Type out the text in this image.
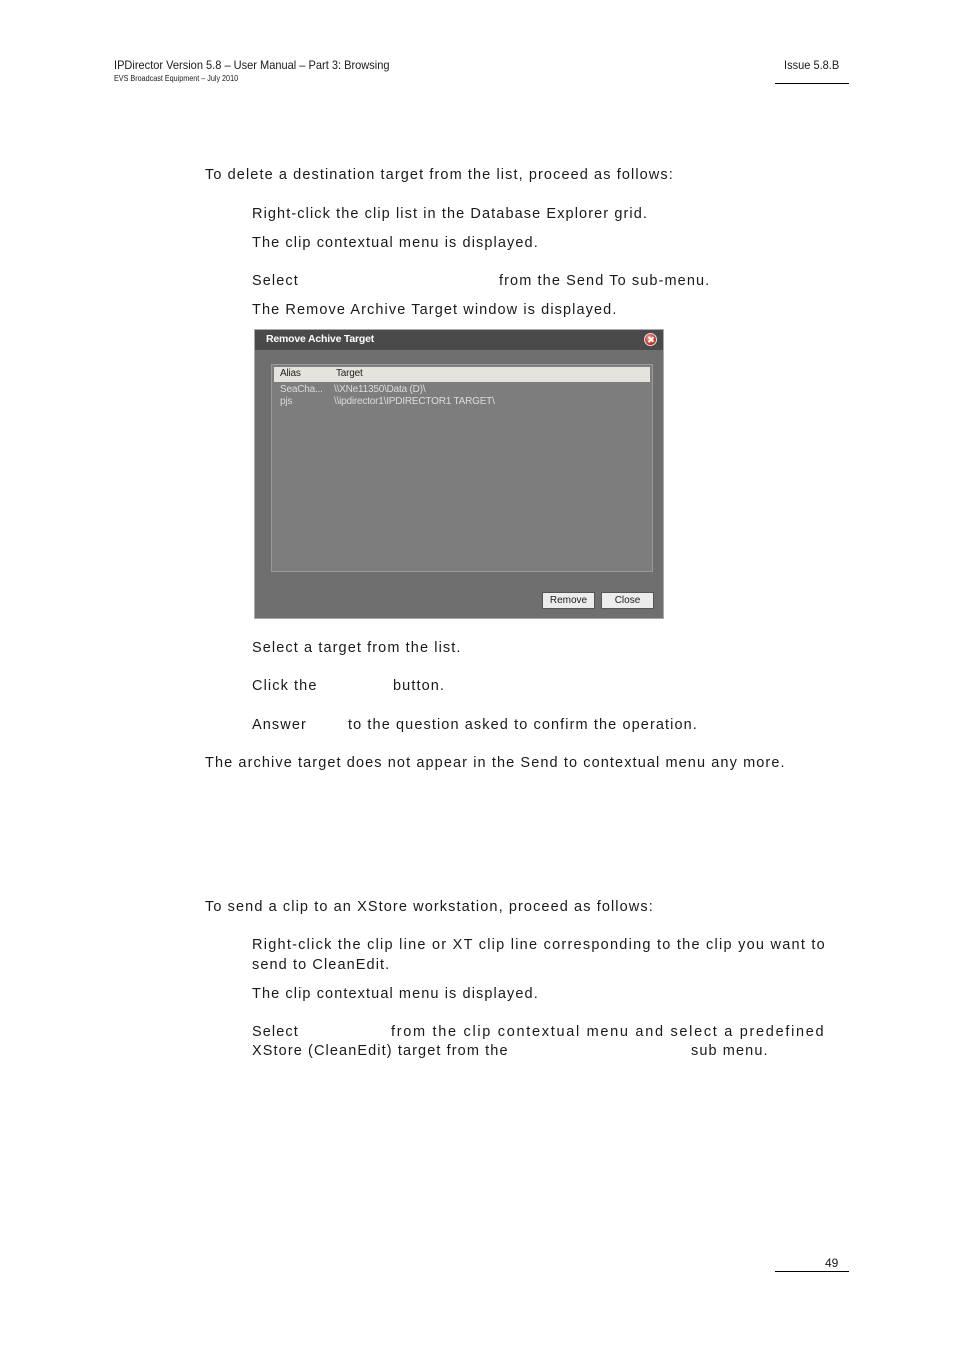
IPDirector Version 5.8 – User Manual – Part 3: Browsing
EVS Broadcast Equipment – July 2010
Issue 5.8.B
To delete a destination target from the list, proceed as follows:
Right-click the clip list in the Database Explorer grid.
The clip contextual menu is displayed.
Select	from the Send To sub-menu.
The Remove Archive Target window is displayed.
Remove Achive Target
Alias	Target
SeaCha... \\XNe11350\Data (D)\
pjs	\\ipdirector1\IPDIRECTOR1 TARGET\
Remove	Close
Select a target from the list.
Click the	button.
Answer	to the question asked to confirm the operation.
The archive target does not appear in the Send to contextual menu any more.
To send a clip to an XStore workstation, proceed as follows:
Right-click the clip line or XT clip line corresponding to the clip you want to
send to CleanEdit.
The clip contextual menu is displayed.
Select	from the clip contextual menu and select a predefined
XStore (CleanEdit) target from the	sub menu.
49
